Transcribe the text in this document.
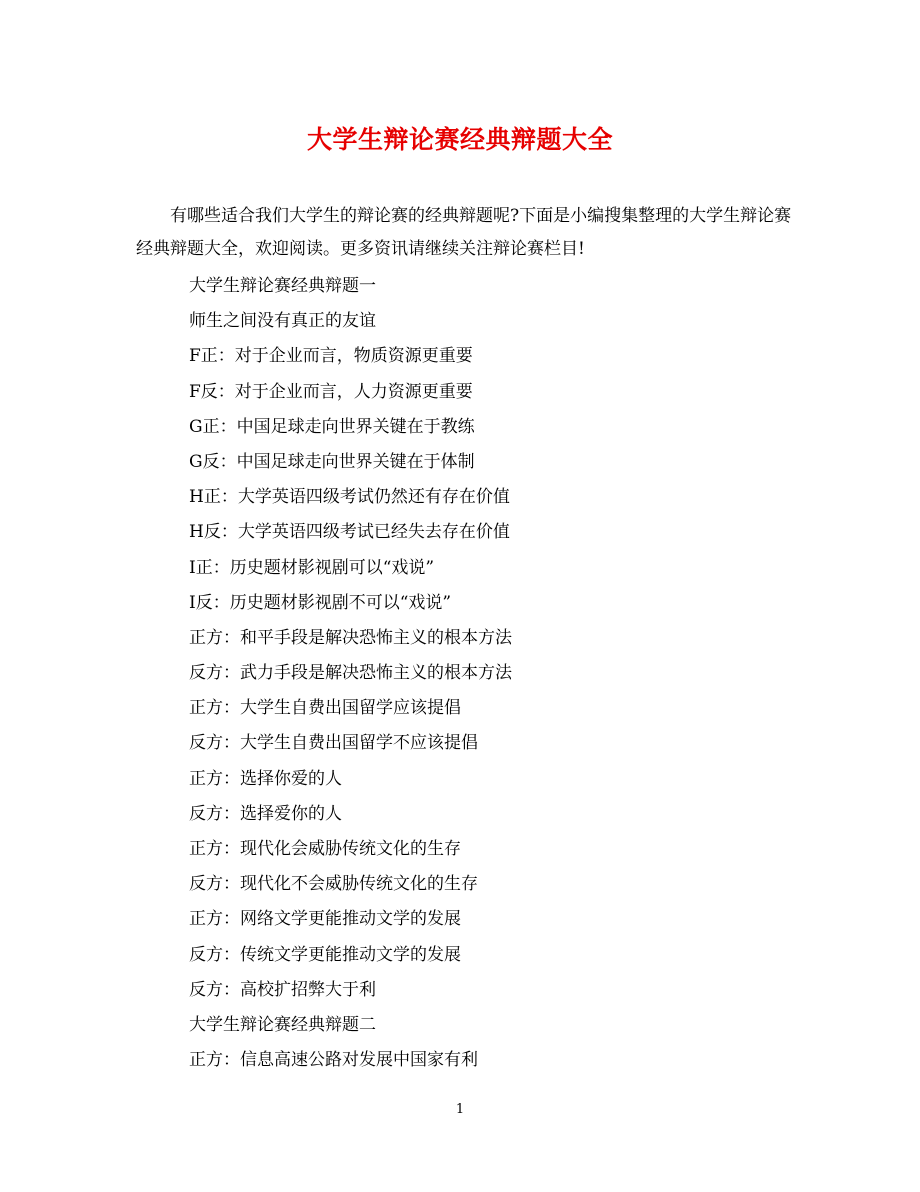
大学生辩论赛经典辩题大全

有哪些适合我们大学生的辩论赛的经典辩题呢?下面是小编搜集整理的大学生辩论赛经典辩题大全，欢迎阅读。更多资讯请继续关注辩论赛栏目!

大学生辩论赛经典辩题一
师生之间没有真正的友谊
F正：对于企业而言，物质资源更重要
F反：对于企业而言，人力资源更重要
G正：中国足球走向世界关键在于教练
G反：中国足球走向世界关键在于体制
H正：大学英语四级考试仍然还有存在价值
H反：大学英语四级考试已经失去存在价值
I正：历史题材影视剧可以“戏说”
I反：历史题材影视剧不可以“戏说”
正方：和平手段是解决恐怖主义的根本方法
反方：武力手段是解决恐怖主义的根本方法
正方：大学生自费出国留学应该提倡
反方：大学生自费出国留学不应该提倡
正方：选择你爱的人
反方：选择爱你的人
正方：现代化会威胁传统文化的生存
反方：现代化不会威胁传统文化的生存
正方：网络文学更能推动文学的发展
反方：传统文学更能推动文学的发展
反方：高校扩招弊大于利
大学生辩论赛经典辩题二
正方：信息高速公路对发展中国家有利
1
